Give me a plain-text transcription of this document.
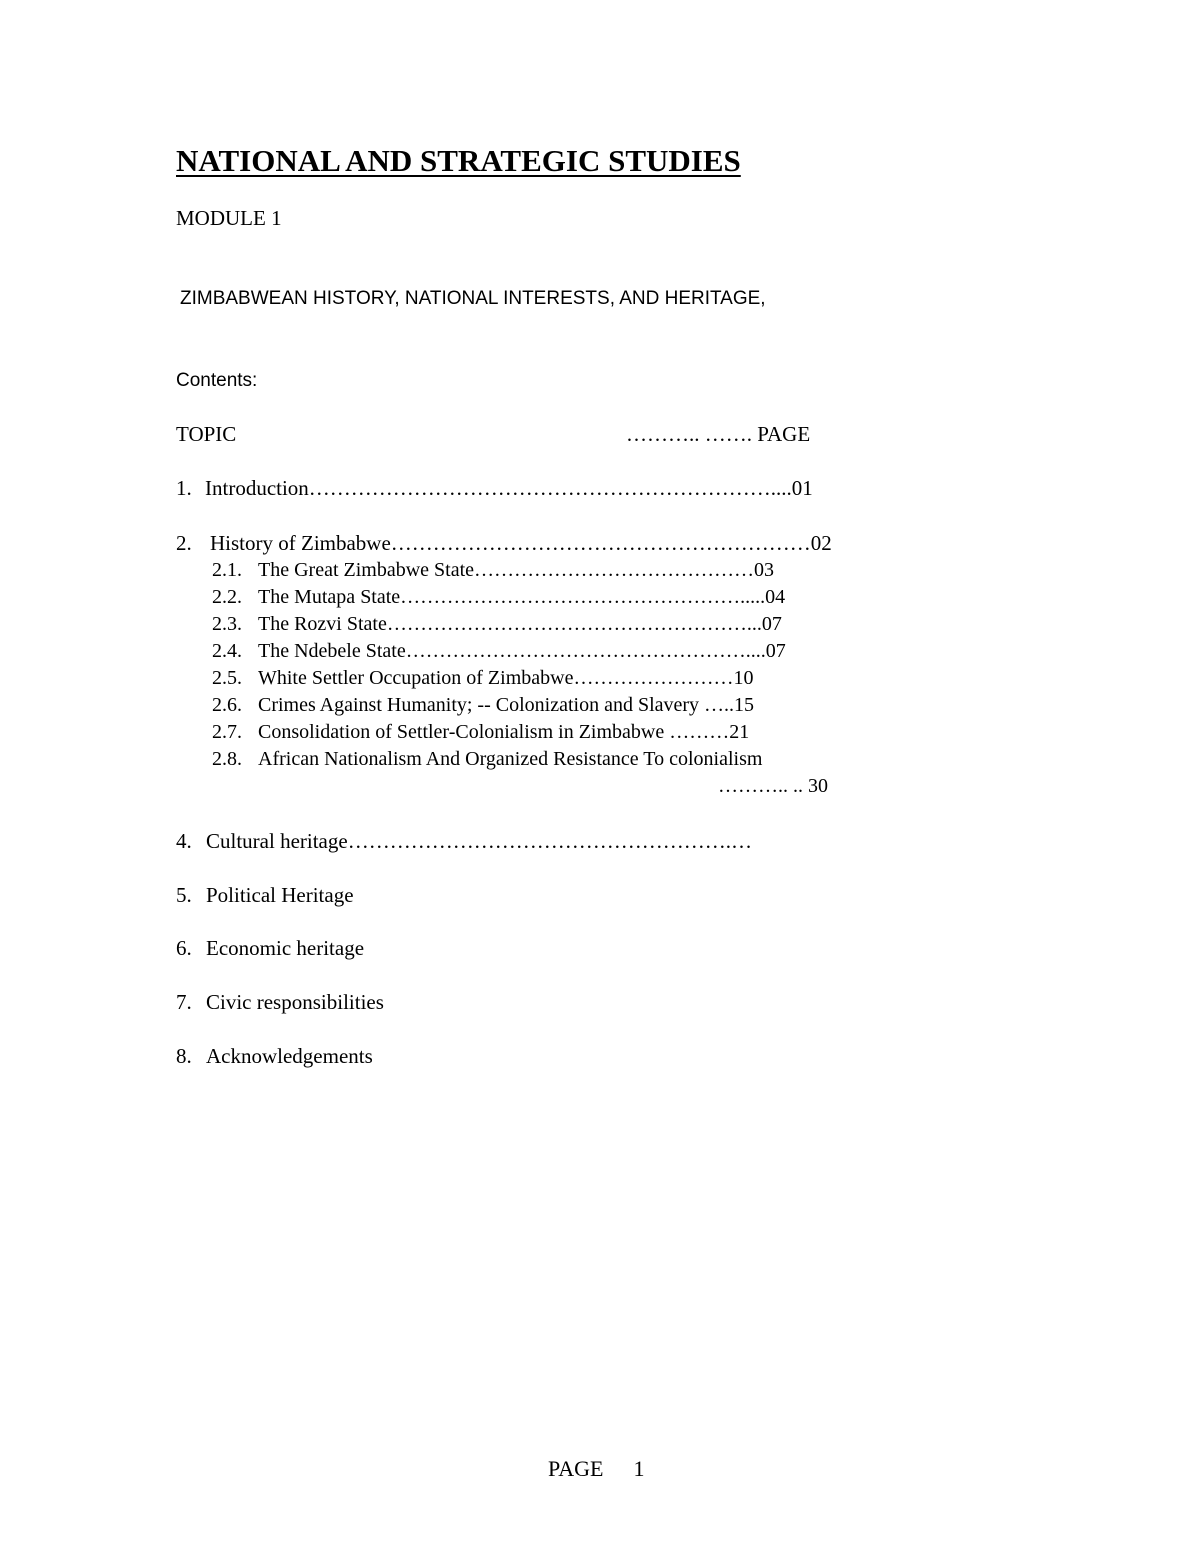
NATIONAL AND STRATEGIC STUDIES
MODULE 1
ZIMBABWEAN HISTORY, NATIONAL INTERESTS, AND HERITAGE,
Contents:
TOPIC	……….. ……. PAGE
1. Introduction…………………………………………………………....01
2. History of Zimbabwe……………………………………………………02
2.1. The Great Zimbabwe State……………………………………03
2.2. The Mutapa State…………………………………………….....04
2.3. The Rozvi State………………………………………………...07
2.4. The Ndebele State……………………………………………....07
2.5. White Settler Occupation of Zimbabwe……………………10
2.6. Crimes Against Humanity; -- Colonization and Slavery …..15
2.7. Consolidation of Settler-Colonialism in Zimbabwe ………21
2.8. African Nationalism And Organized Resistance To colonialism
……….. .. 30
4. Cultural heritage……………………………………………….…
5. Political Heritage
6. Economic heritage
7. Civic responsibilities
8. Acknowledgements
PAGE 1
